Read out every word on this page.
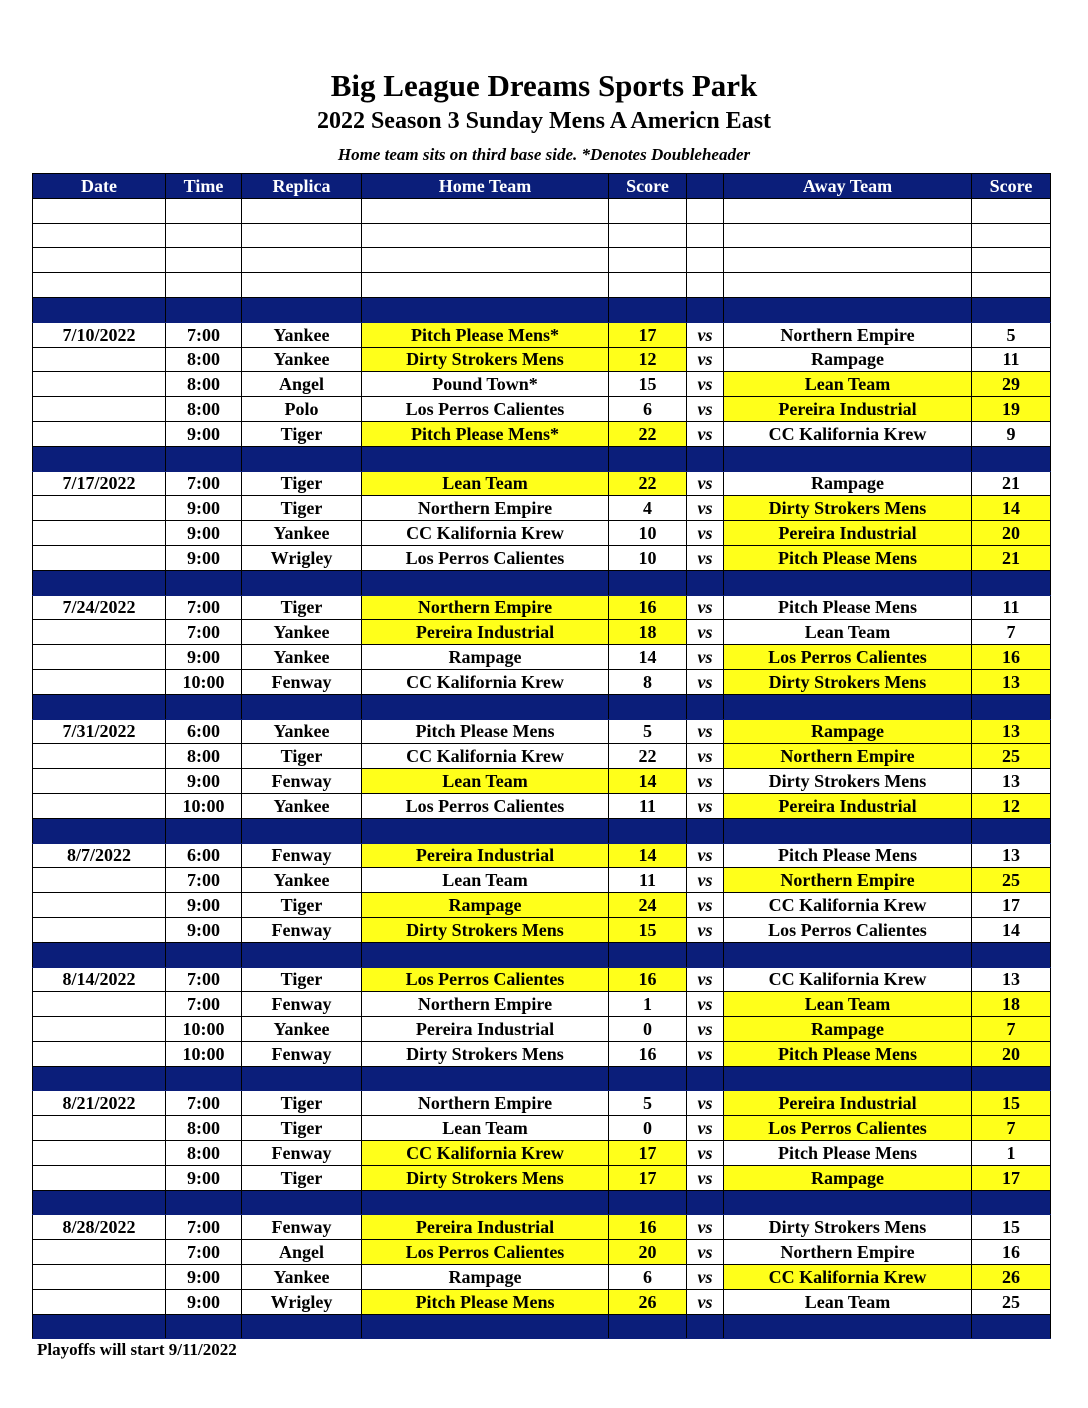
Big League Dreams Sports Park
2022 Season 3 Sunday Mens A Americn East
Home team sits on third base side. *Denotes Doubleheader
Date	Time	Replica	Home Team	Score		Away Team	Score

7/10/2022	7:00	Yankee	Pitch Please Mens*	17	vs	Northern Empire	5
	8:00	Yankee	Dirty Strokers Mens	12	vs	Rampage	11
	8:00	Angel	Pound Town*	15	vs	Lean Team	29
	8:00	Polo	Los Perros Calientes	6	vs	Pereira Industrial	19
	9:00	Tiger	Pitch Please Mens*	22	vs	CC Kalifornia Krew	9

7/17/2022	7:00	Tiger	Lean Team	22	vs	Rampage	21
	9:00	Tiger	Northern Empire	4	vs	Dirty Strokers Mens	14
	9:00	Yankee	CC Kalifornia Krew	10	vs	Pereira Industrial	20
	9:00	Wrigley	Los Perros Calientes	10	vs	Pitch Please Mens	21

7/24/2022	7:00	Tiger	Northern Empire	16	vs	Pitch Please Mens	11
	7:00	Yankee	Pereira Industrial	18	vs	Lean Team	7
	9:00	Yankee	Rampage	14	vs	Los Perros Calientes	16
	10:00	Fenway	CC Kalifornia Krew	8	vs	Dirty Strokers Mens	13

7/31/2022	6:00	Yankee	Pitch Please Mens	5	vs	Rampage	13
	8:00	Tiger	CC Kalifornia Krew	22	vs	Northern Empire	25
	9:00	Fenway	Lean Team	14	vs	Dirty Strokers Mens	13
	10:00	Yankee	Los Perros Calientes	11	vs	Pereira Industrial	12

8/7/2022	6:00	Fenway	Pereira Industrial	14	vs	Pitch Please Mens	13
	7:00	Yankee	Lean Team	11	vs	Northern Empire	25
	9:00	Tiger	Rampage	24	vs	CC Kalifornia Krew	17
	9:00	Fenway	Dirty Strokers Mens	15	vs	Los Perros Calientes	14

8/14/2022	7:00	Tiger	Los Perros Calientes	16	vs	CC Kalifornia Krew	13
	7:00	Fenway	Northern Empire	1	vs	Lean Team	18
	10:00	Yankee	Pereira Industrial	0	vs	Rampage	7
	10:00	Fenway	Dirty Strokers Mens	16	vs	Pitch Please Mens	20

8/21/2022	7:00	Tiger	Northern Empire	5	vs	Pereira Industrial	15
	8:00	Tiger	Lean Team	0	vs	Los Perros Calientes	7
	8:00	Fenway	CC Kalifornia Krew	17	vs	Pitch Please Mens	1
	9:00	Tiger	Dirty Strokers Mens	17	vs	Rampage	17

8/28/2022	7:00	Fenway	Pereira Industrial	16	vs	Dirty Strokers Mens	15
	7:00	Angel	Los Perros Calientes	20	vs	Northern Empire	16
	9:00	Yankee	Rampage	6	vs	CC Kalifornia Krew	26
	9:00	Wrigley	Pitch Please Mens	26	vs	Lean Team	25

Playoffs will start 9/11/2022
